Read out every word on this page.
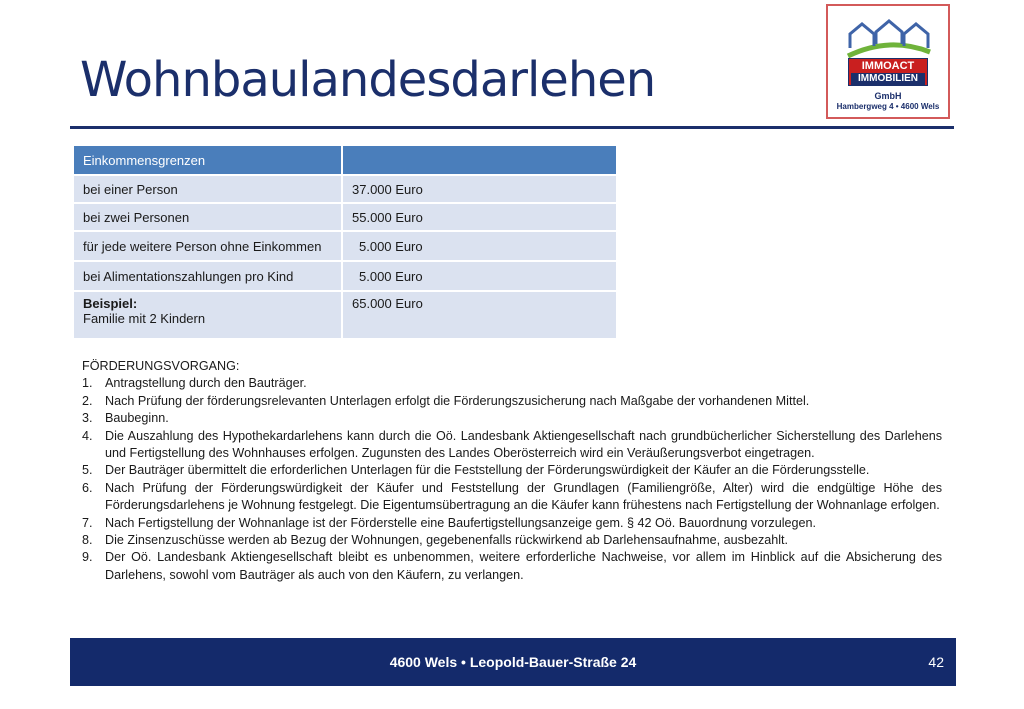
Wohnbaulandesdarlehen	IMMOACT
IMMOBILIEN
GmbH
Hambergweg 4 • 4600 Wels
Einkommensgrenzen	
bei einer Person	37.000 Euro
bei zwei Personen	55.000 Euro
für jede weitere Person ohne Einkommen	5.000 Euro
bei Alimentationszahlungen pro Kind	5.000 Euro

Beispiel:
Familie mit 2 Kindern	65.000 Euro

FÖRDERUNGSVORGANG:

1. Antragstellung durch den Bauträger.
2. Nach Prüfung der förderungsrelevanten Unterlagen erfolgt die Förderungszusicherung nach Maßgabe der vorhandenen Mittel.
3. Baubeginn.
4. Die Auszahlung des Hypothekardarlehens kann durch die Oö. Landesbank Aktiengesellschaft nach grundbücherlicher Sicherstellung des Darlehens und Fertigstellung des Wohnhauses erfolgen. Zugunsten des Landes Oberösterreich wird ein Veräußerungsverbot eingetragen.
5. Der Bauträger übermittelt die erforderlichen Unterlagen für die Feststellung der Förderungswürdigkeit der Käufer an die Förderungsstelle.
6. Nach Prüfung der Förderungswürdigkeit der Käufer und Feststellung der Grundlagen (Familiengröße, Alter) wird die endgültige Höhe des Förderungsdarlehens je Wohnung festgelegt. Die Eigentumsübertragung an die Käufer kann frühestens nach Fertigstellung der Wohnanlage erfolgen.
7. Nach Fertigstellung der Wohnanlage ist der Förderstelle eine Baufertigstellungsanzeige gem. § 42 Oö. Bauordnung vorzulegen.
8. Die Zinsenzuschüsse werden ab Bezug der Wohnungen, gegebenenfalls rückwirkend ab Darlehensaufnahme, ausbezahlt.
9. Der Oö. Landesbank Aktiengesellschaft bleibt es unbenommen, weitere erforderliche Nachweise, vor allem im Hinblick auf die Absicherung des Darlehens, sowohl vom Bauträger als auch von den Käufern, zu verlangen.
4600 Wels • Leopold-Bauer-Straße 24	42
